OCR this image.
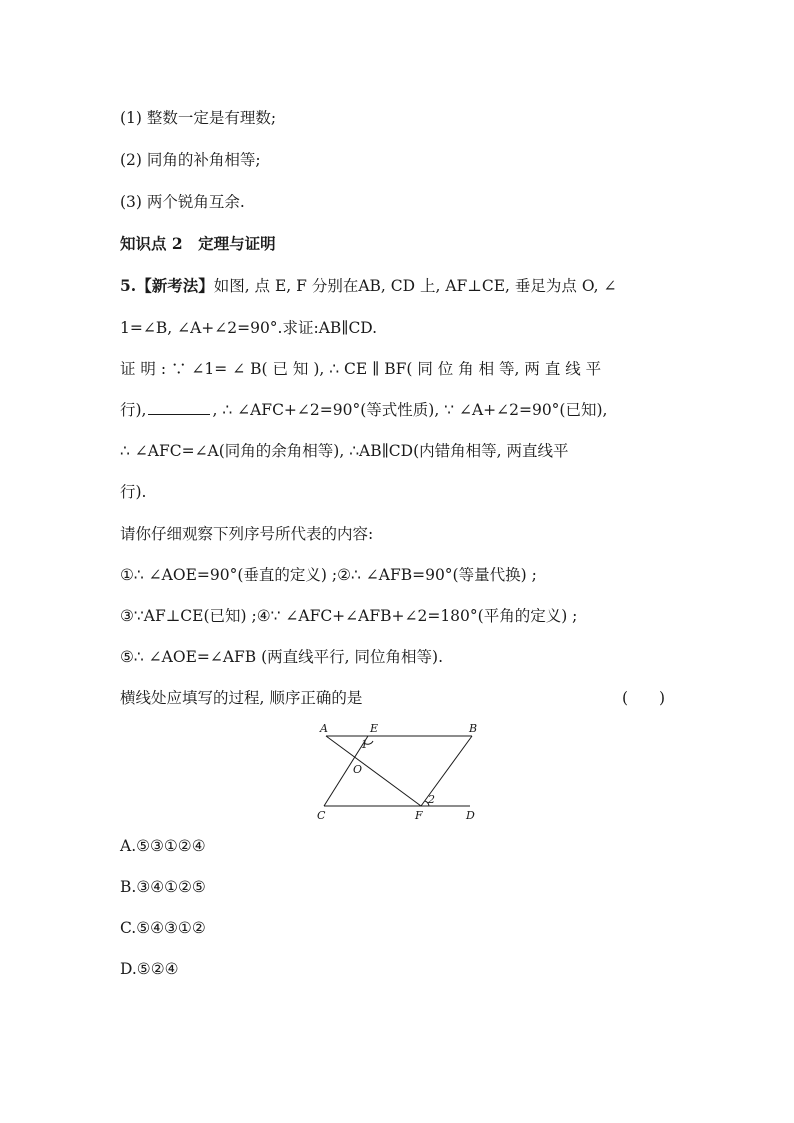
(1) 整数一定是有理数;
(2) 同角的补角相等;
(3) 两个锐角互余.
知识点 2　定理与证明
5.【新考法】如图, 点 E, F 分别在AB, CD 上, AF⊥CE, 垂足为点 O, ∠
1=∠B, ∠A+∠2=90°.求证:AB∥CD.
证 明 : ∵ ∠1= ∠ B( 已 知 ), ∴ CE ∥ BF( 同 位 角 相 等, 两 直 线 平
行),	, ∴ ∠AFC+∠2=90°(等式性质), ∵ ∠A+∠2=90°(已知),
∴ ∠AFC=∠A(同角的余角相等), ∴AB∥CD(内错角相等, 两直线平
行).
请你仔细观察下列序号所代表的内容:
①∴ ∠AOE=90°(垂直的定义) ;②∴ ∠AFB=90°(等量代换) ;
③∵AF⊥CE(已知) ;④∵ ∠AFC+∠AFB+∠2=180°(平角的定义) ;
⑤∴ ∠AOE=∠AFB (两直线平行, 同位角相等).
横线处应填写的过程, 顺序正确的是	(　　)
A	E	B
1
O
2
C	F	D
A.⑤③①②④
B.③④①②⑤
C.⑤④③①②
D.⑤②④
